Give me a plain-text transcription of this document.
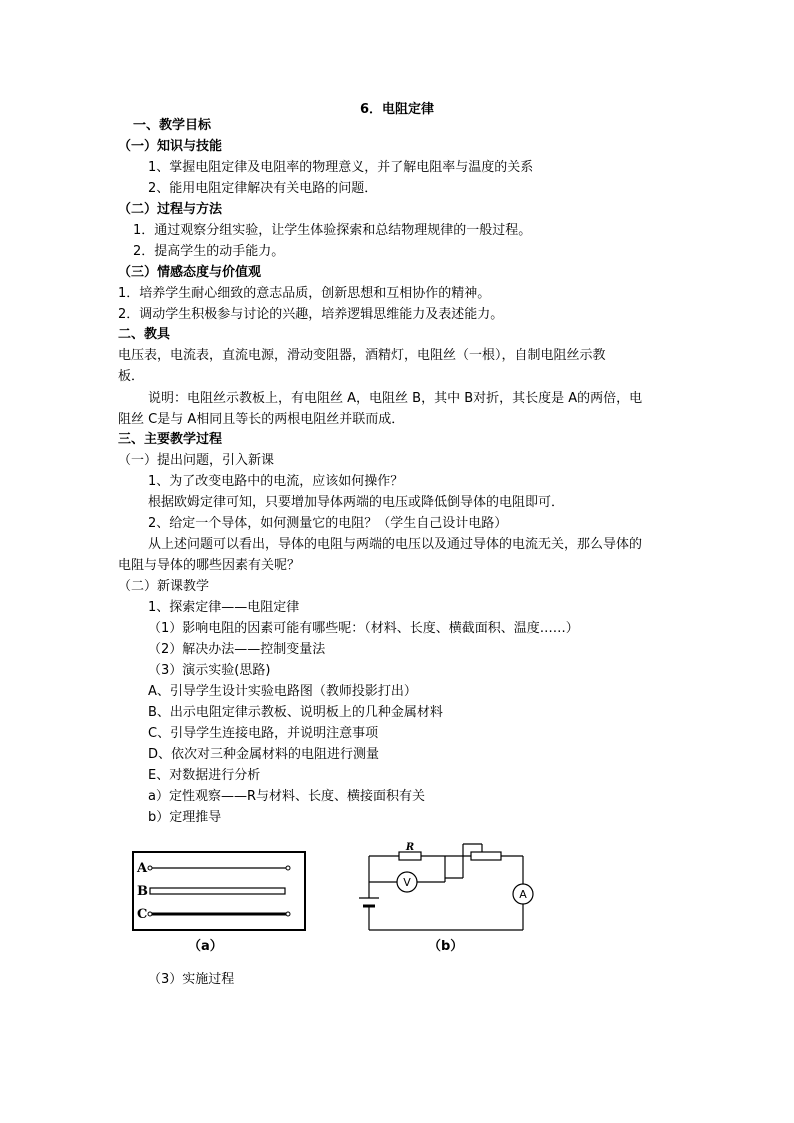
6．电阻定律
一、教学目标
（一）知识与技能
1、掌握电阻定律及电阻率的物理意义，并了解电阻率与温度的关系
2、能用电阻定律解决有关电路的问题．
（二）过程与方法
1．通过观察分组实验，让学生体验探索和总结物理规律的一般过程。
2．提高学生的动手能力。
（三）情感态度与价值观
1．培养学生耐心细致的意志品质，创新思想和互相协作的精神。
2．调动学生积极参与讨论的兴趣，培养逻辑思维能力及表述能力。
二、教具
电压表，电流表，直流电源，滑动变阻器，酒精灯，电阻丝（一根），自制电阻丝示教
板．
说明：电阻丝示教板上，有电阻丝 A，电阻丝 B，其中 B对折，其长度是 A的两倍，电
阻丝 C是与 A相同且等长的两根电阻丝并联而成．
三、主要教学过程
（一）提出问题，引入新课
1、为了改变电路中的电流，应该如何操作？
根据欧姆定律可知，只要增加导体两端的电压或降低倒导体的电阻即可．
2、给定一个导体，如何测量它的电阻？（学生自己设计电路）
从上述问题可以看出，导体的电阻与两端的电压以及通过导体的电流无关，那么导体的
电阻与导体的哪些因素有关呢？
（二）新课教学
1、探索定律——电阻定律
（1）影响电阻的因素可能有哪些呢：（材料、长度、横截面积、温度……）
（2）解决办法——控制变量法
（3）演示实验(思路)
A、引导学生设计实验电路图（教师投影打出）
B、出示电阻定律示教板、说明板上的几种金属材料
C、引导学生连接电路，并说明注意事项
D、依次对三种金属材料的电阻进行测量
E、对数据进行分析
a）定性观察——R与材料、长度、横接面积有关
b）定理推导
A
B
C
（a）
V
A
R
（b）
（3）实施过程
